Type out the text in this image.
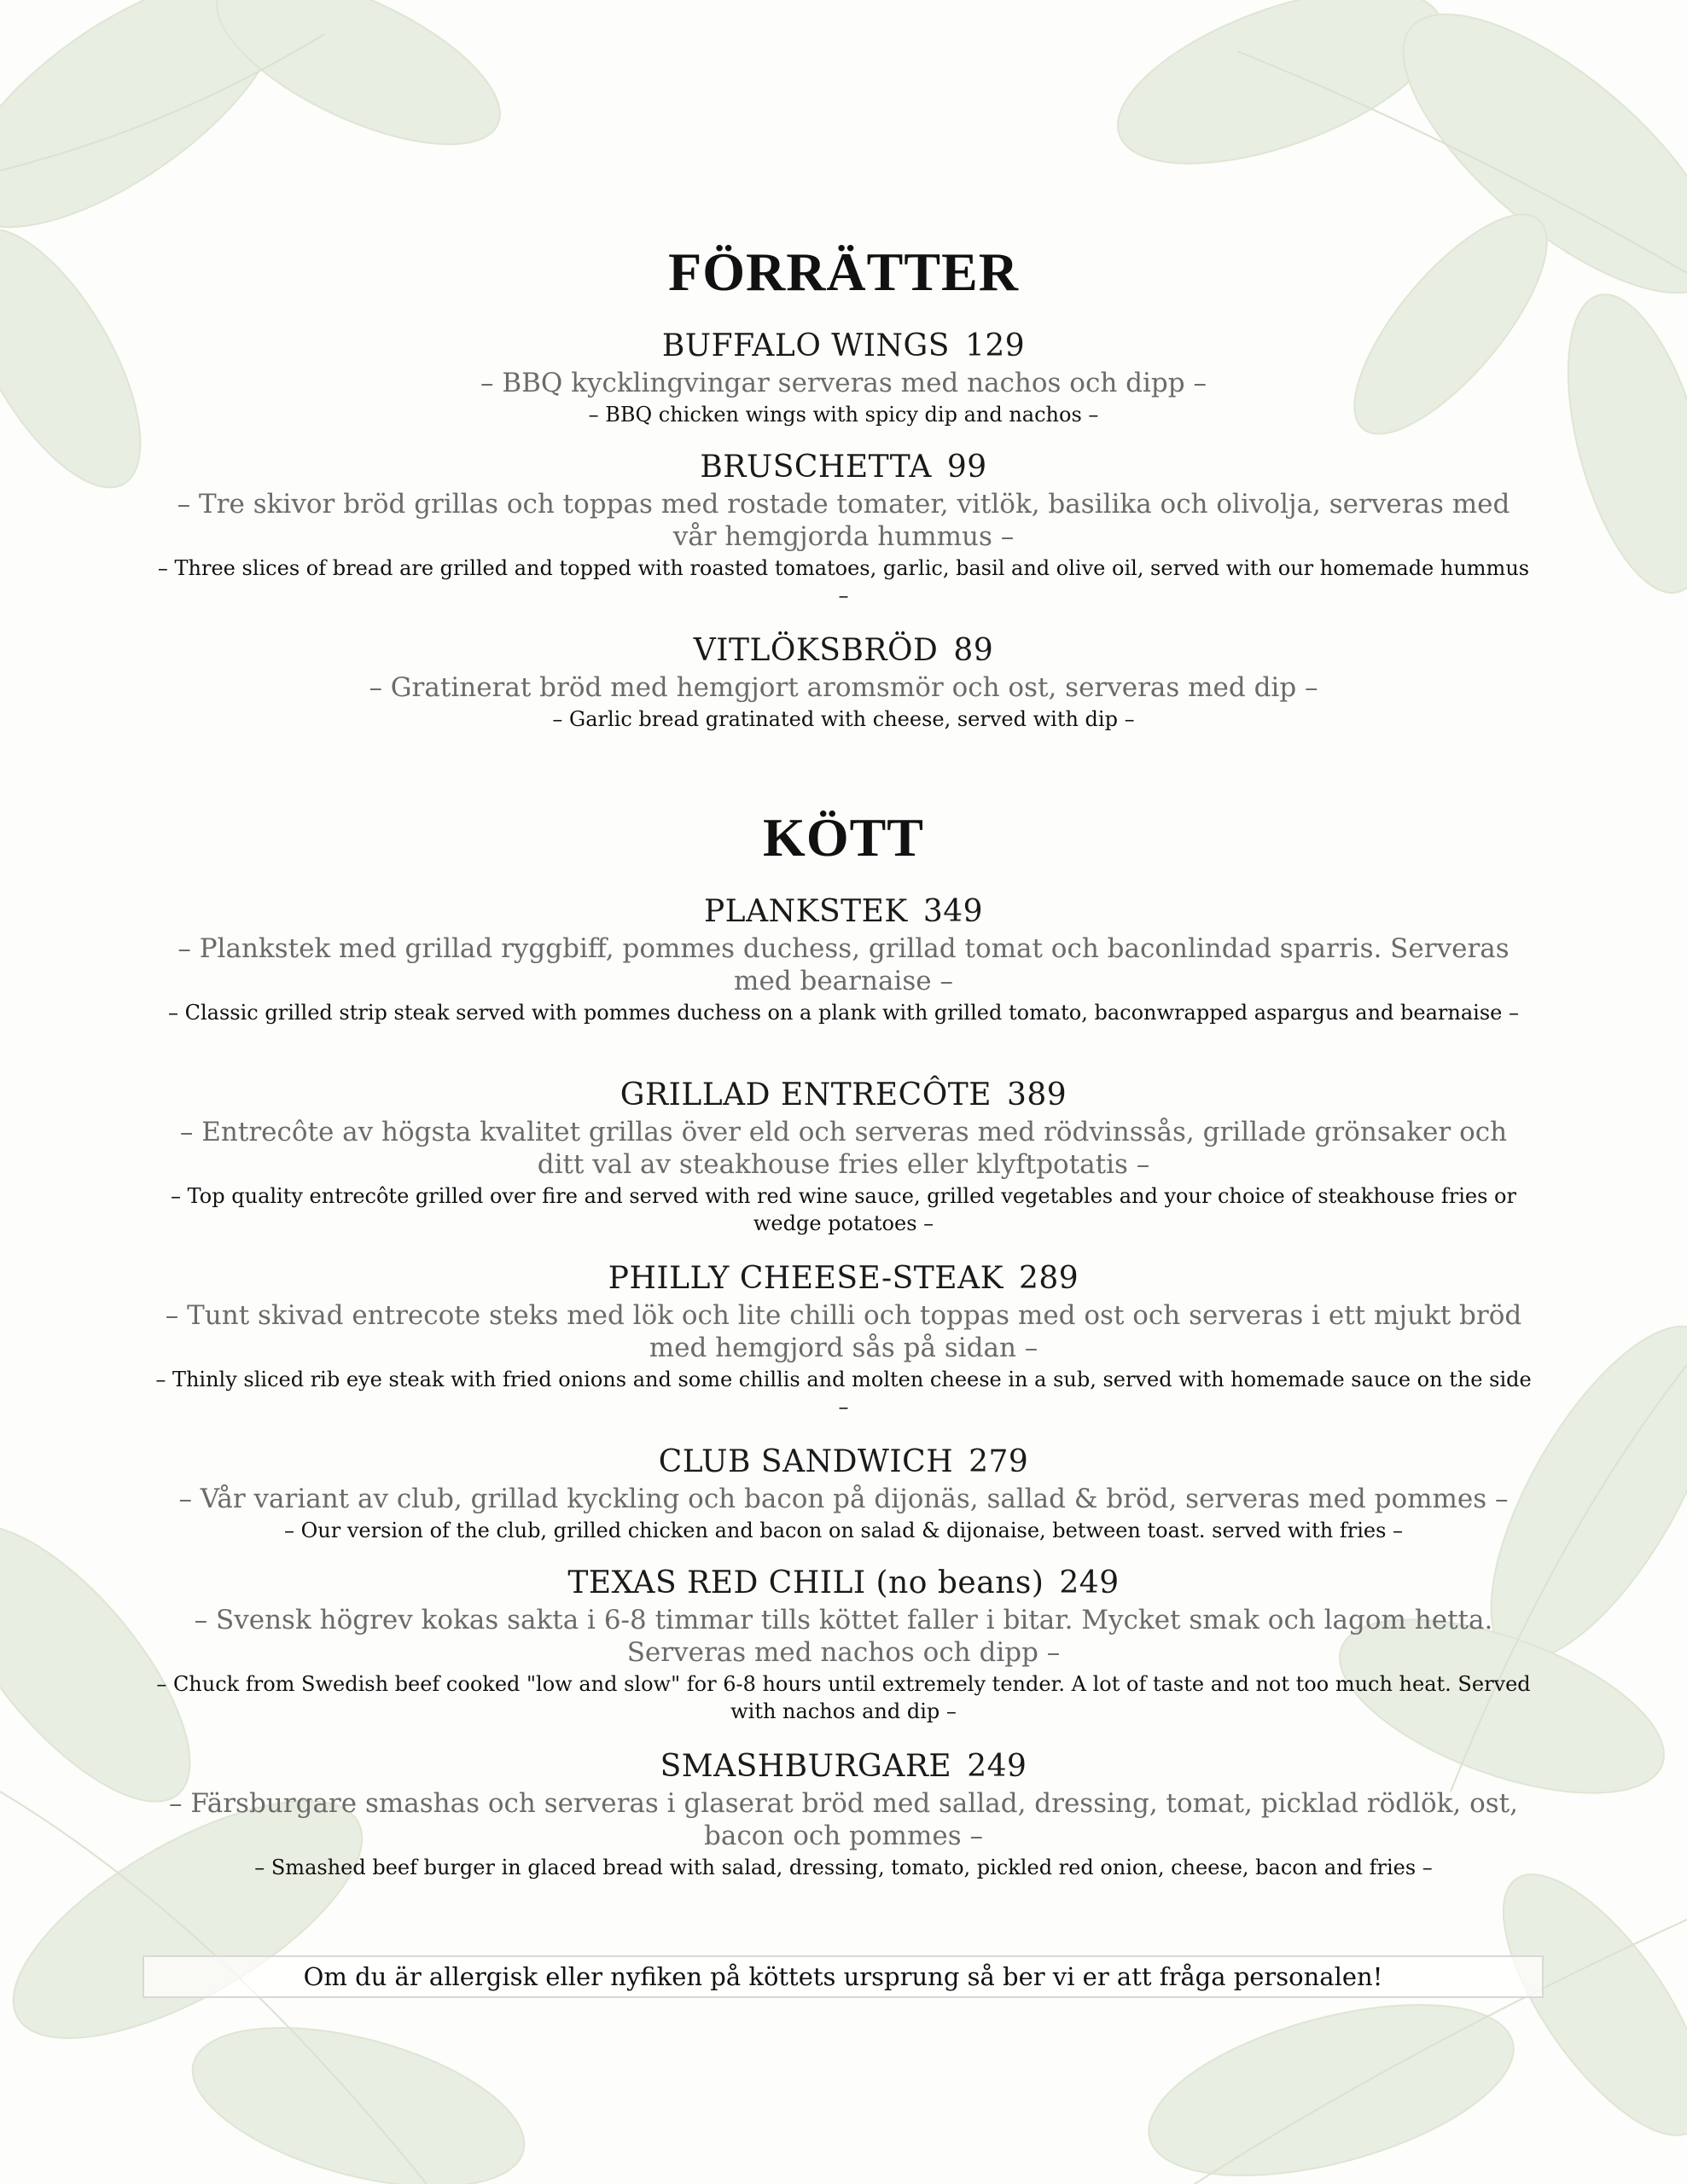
FÖRRÄTTER
BUFFALO WINGS 129
– BBQ kycklingvingar serveras med nachos och dipp –
– BBQ chicken wings with spicy dip and nachos –
BRUSCHETTA 99
– Tre skivor bröd grillas och toppas med rostade tomater, vitlök, basilika och olivolja, serveras med vår hemgjorda hummus –
– Three slices of bread are grilled and topped with roasted tomatoes, garlic, basil and olive oil, served with our homemade hummus –
VITLÖKSBRÖD 89
– Gratinerat bröd med hemgjort aromsmör och ost, serveras med dip –
– Garlic bread gratinated with cheese, served with dip –
KÖTT
PLANKSTEK 349
– Plankstek med grillad ryggbiff, pommes duchess, grillad tomat och baconlindad sparris. Serveras med bearnaise –
– Classic grilled strip steak served with pommes duchess on a plank with grilled tomato, baconwrapped aspargus and bearnaise –
GRILLAD ENTRECÔTE 389
– Entrecôte av högsta kvalitet grillas över eld och serveras med rödvinssås, grillade grönsaker och ditt val av steakhouse fries eller klyftpotatis –
– Top quality entrecôte grilled over fire and served with red wine sauce, grilled vegetables and your choice of steakhouse fries or wedge potatoes –
PHILLY CHEESE-STEAK 289
– Tunt skivad entrecote steks med lök och lite chilli och toppas med ost och serveras i ett mjukt bröd med hemgjord sås på sidan –
– Thinly sliced rib eye steak with fried onions and some chillis and molten cheese in a sub, served with homemade sauce on the side –
CLUB SANDWICH 279
– Vår variant av club, grillad kyckling och bacon på dijonäs, sallad & bröd, serveras med pommes –
– Our version of the club, grilled chicken and bacon on salad & dijonaise, between toast. served with fries –
TEXAS RED CHILI (no beans) 249
– Svensk högrev kokas sakta i 6-8 timmar tills köttet faller i bitar. Mycket smak och lagom hetta. Serveras med nachos och dipp –
– Chuck from Swedish beef cooked "low and slow" for 6-8 hours until extremely tender. A lot of taste and not too much heat. Served with nachos and dip –
SMASHBURGARE 249
– Färsburgare smashas och serveras i glaserat bröd med sallad, dressing, tomat, picklad rödlök, ost, bacon och pommes –
– Smashed beef burger in glaced bread with salad, dressing, tomato, pickled red onion, cheese, bacon and fries –
Om du är allergisk eller nyfiken på köttets ursprung så ber vi er att fråga personalen!
